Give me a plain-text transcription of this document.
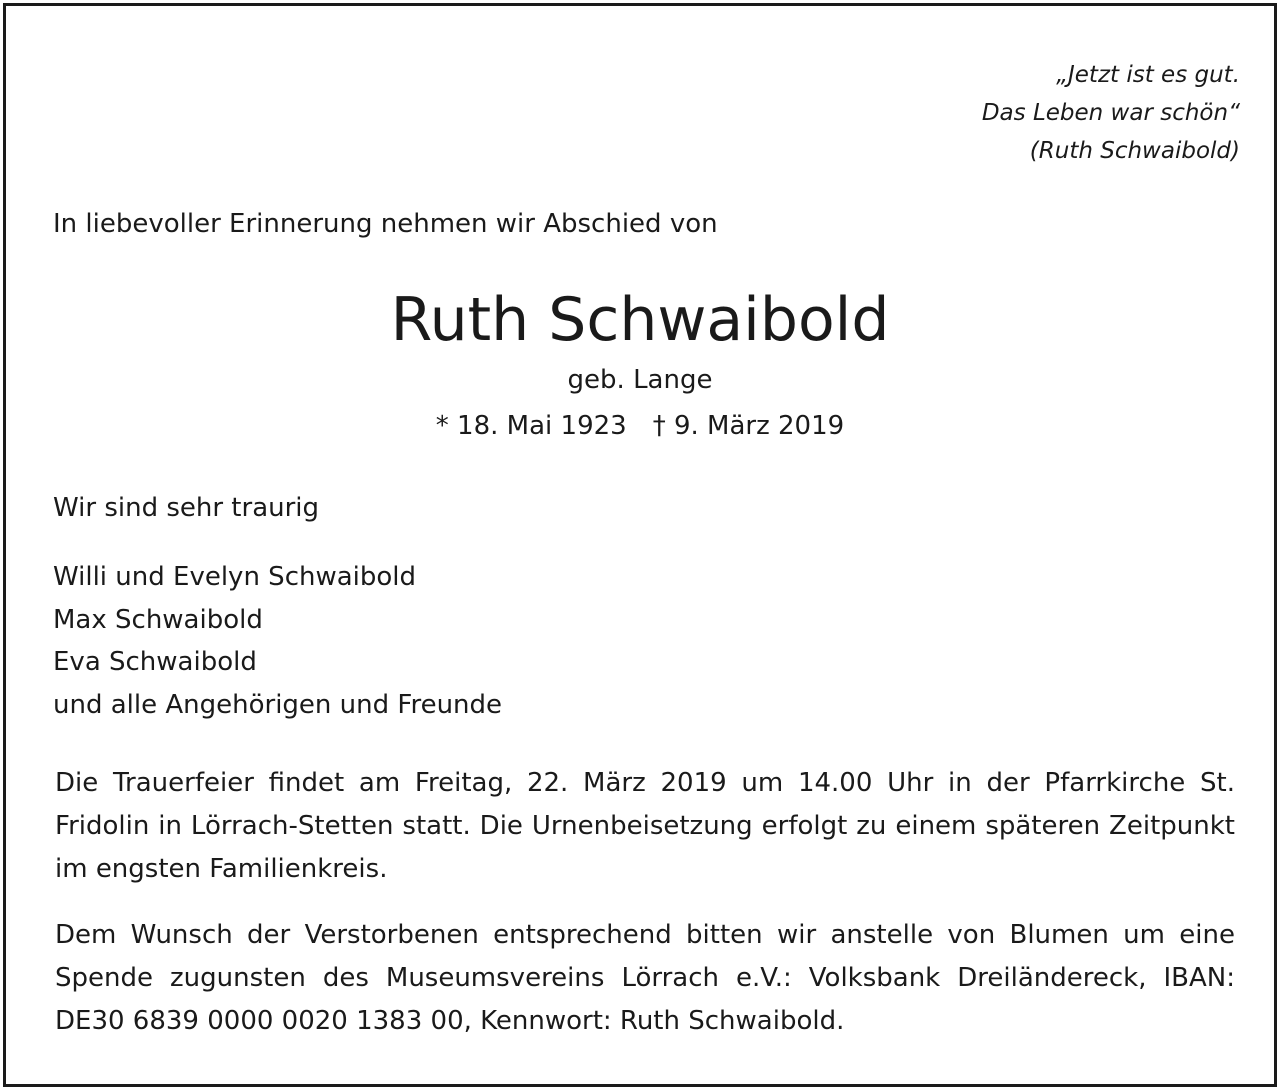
„Jetzt ist es gut.
Das Leben war schön“
(Ruth Schwaibold)
In liebevoller Erinnerung nehmen wir Abschied von
Ruth Schwaibold
geb. Lange
* 18. Mai 1923 † 9. März 2019
Wir sind sehr traurig
Willi und Evelyn Schwaibold
Max Schwaibold
Eva Schwaibold
und alle Angehörigen und Freunde
Die Trauerfeier findet am Freitag, 22. März 2019 um 14.00 Uhr in der Pfarrkirche St. Fridolin in Lörrach-Stetten statt. Die Urnenbeisetzung erfolgt zu einem späteren Zeitpunkt im engsten Familienkreis.
Dem Wunsch der Verstorbenen entsprechend bitten wir anstelle von Blumen um eine Spende zugunsten des Museumsvereins Lörrach e.V.: Volksbank Dreiländereck, IBAN: DE30 6839 0000 0020 1383 00, Kennwort: Ruth Schwaibold.
